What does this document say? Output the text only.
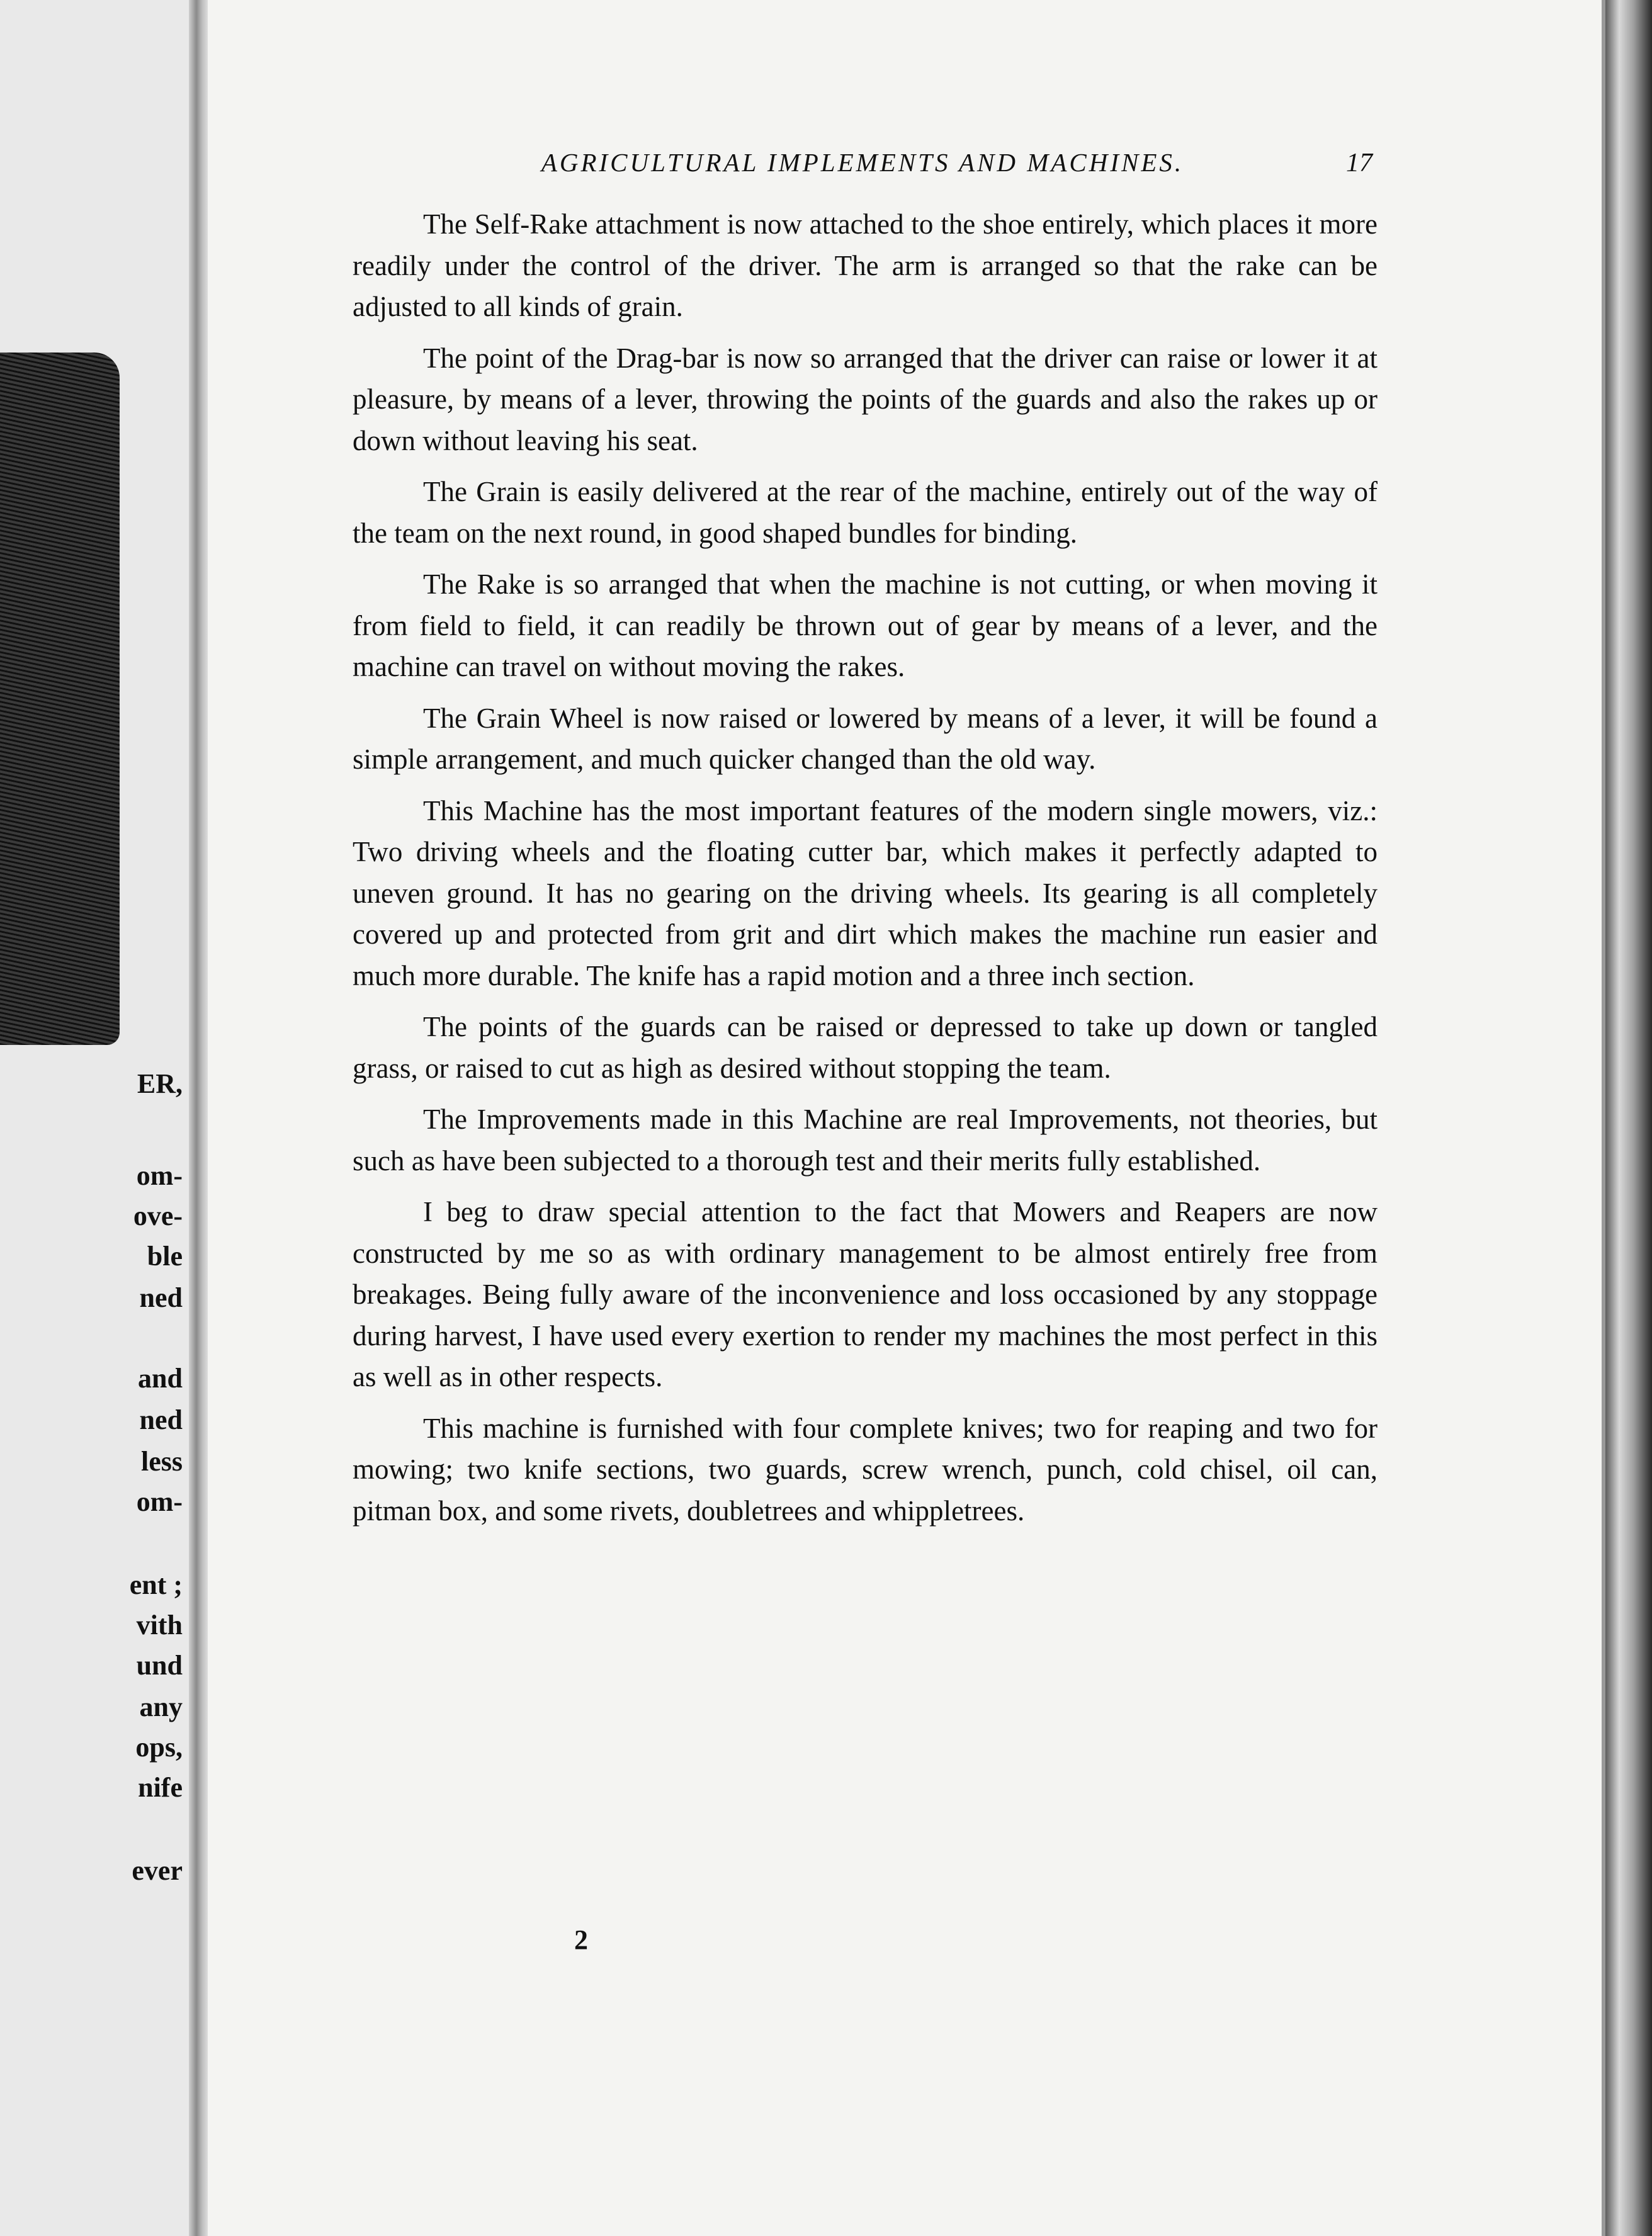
ER,
om-
ove-
ble
ned
and
ned
less
om-
ent ;
vith
und
any
ops,
nife
ever
AGRICULTURAL IMPLEMENTS AND MACHINES.	17

The Self-Rake attachment is now attached to the shoe entirely, which places it more readily under the control of the driver. The arm is arranged so that the rake can be adjusted to all kinds of grain.

The point of the Drag-bar is now so arranged that the driver can raise or lower it at pleasure, by means of a lever, throwing the points of the guards and also the rakes up or down without leaving his seat.

The Grain is easily delivered at the rear of the machine, entirely out of the way of the team on the next round, in good shaped bundles for binding.

The Rake is so arranged that when the machine is not cutting, or when moving it from field to field, it can readily be thrown out of gear by means of a lever, and the machine can travel on without moving the rakes.

The Grain Wheel is now raised or lowered by means of a lever, it will be found a simple arrangement, and much quicker changed than the old way.

This Machine has the most important features of the modern single mowers, viz.: Two driving wheels and the floating cutter bar, which makes it perfectly adapted to uneven ground. It has no gearing on the driving wheels. Its gearing is all completely covered up and protected from grit and dirt which makes the machine run easier and much more durable. The knife has a rapid motion and a three inch section.

The points of the guards can be raised or depressed to take up down or tangled grass, or raised to cut as high as desired without stopping the team.

The Improvements made in this Machine are real Improvements, not theories, but such as have been subjected to a thorough test and their merits fully established.

I beg to draw special attention to the fact that Mowers and Reapers are now constructed by me so as with ordinary management to be almost entirely free from breakages. Being fully aware of the inconvenience and loss occasioned by any stoppage during harvest, I have used every exertion to render my machines the most perfect in this as well as in other respects.

This machine is furnished with four complete knives; two for reaping and two for mowing; two knife sections, two guards, screw wrench, punch, cold chisel, oil can, pitman box, and some rivets, doubletrees and whippletrees.

2
